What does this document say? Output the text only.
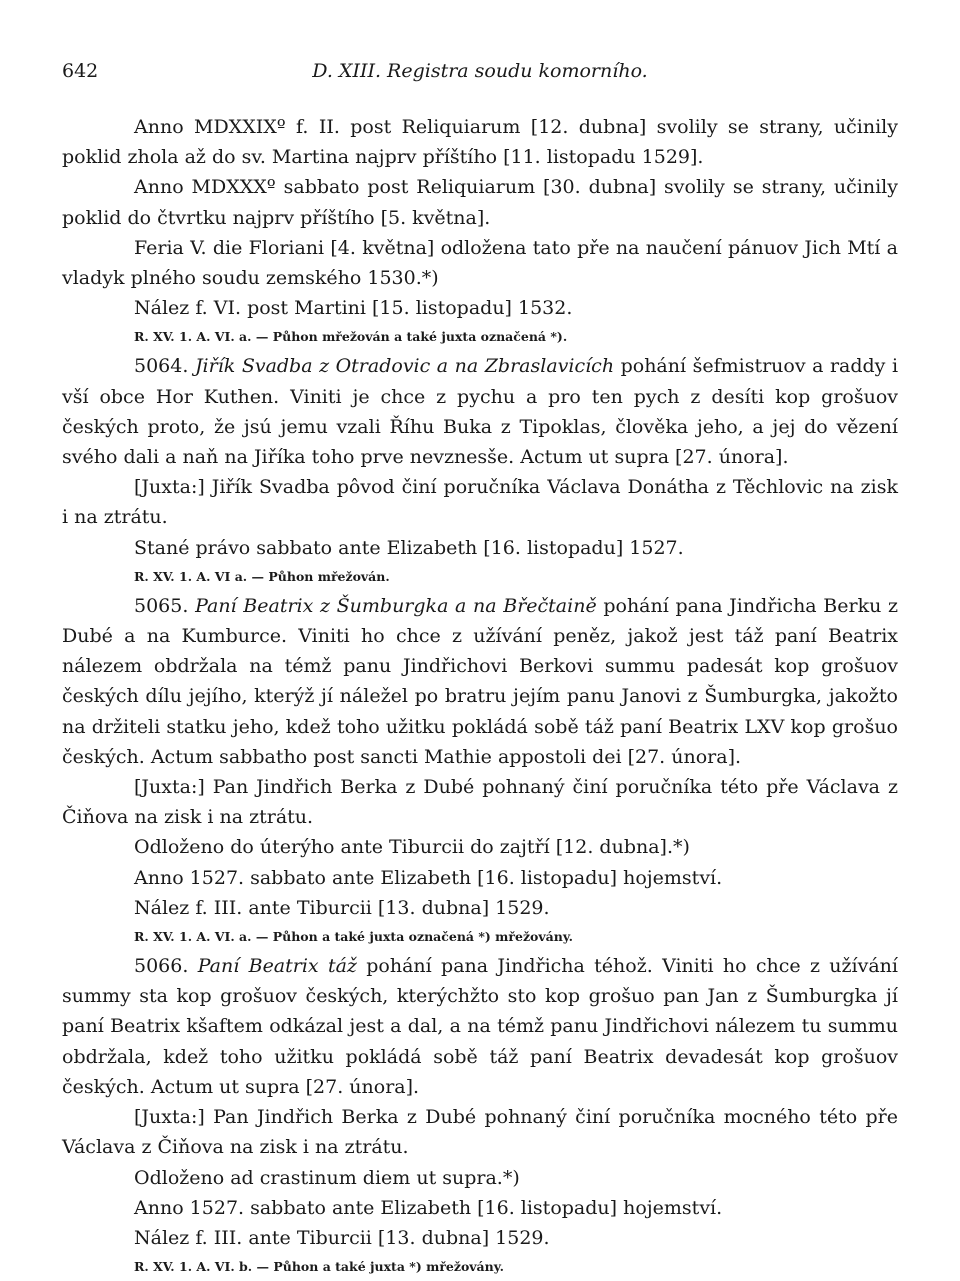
642	D. XIII. Registra soudu komorního.

Anno MDXXIXº f. II. post Reliquiarum [12. dubna] svolily se strany, učinily poklid zhola až do sv. Martina najprv příštího [11. listopadu 1529].

Anno MDXXXº sabbato post Reliquiarum [30. dubna] svolily se strany, učinily poklid do čtvrtku najprv příštího [5. května].

Feria V. die Floriani [4. května] odložena tato pře na naučení pánuov Jich Mtí a vladyk plného soudu zemského 1530.*)

Nález f. VI. post Martini [15. listopadu] 1532.

R. XV. 1. A. VI. a. — Půhon mřežován a také juxta označená *).

5064. Jiřík Svadba z Otradovic a na Zbraslavicích pohání šefmistruov a raddy i vší obce Hor Kuthen. Viniti je chce z pychu a pro ten pych z desíti kop grošuov českých proto, že jsú jemu vzali Říhu Buka z Tipoklas, člověka jeho, a jej do vězení svého dali a naň na Jiříka toho prve nevznesše. Actum ut supra [27. února].

[Juxta:] Jiřík Svadba pôvod činí poručníka Václava Donátha z Těchlovic na zisk i na ztrátu.

Stané právo sabbato ante Elizabeth [16. listopadu] 1527.

R. XV. 1. A. VI a. — Půhon mřežován.

5065. Paní Beatrix z Šumburgka a na Břečtaině pohání pana Jindřicha Berku z Dubé a na Kumburce. Viniti ho chce z užívání peněz, jakož jest táž paní Beatrix nálezem obdržala na témž panu Jindřichovi Berkovi summu padesát kop grošuov českých dílu jejího, kterýž jí náležel po bratru jejím panu Janovi z Šumburgka, jakožto na držiteli statku jeho, kdež toho užitku pokládá sobě táž paní Beatrix LXV kop grošuo českých. Actum sabbatho post sancti Mathie appostoli dei [27. února].

[Juxta:] Pan Jindřich Berka z Dubé pohnaný činí poručníka této pře Václava z Čiňova na zisk i na ztrátu.

Odloženo do úterýho ante Tiburcii do zajtří [12. dubna].*)

Anno 1527. sabbato ante Elizabeth [16. listopadu] hojemství.

Nález f. III. ante Tiburcii [13. dubna] 1529.

R. XV. 1. A. VI. a. — Půhon a také juxta označená *) mřežovány.

5066. Paní Beatrix táž pohání pana Jindřicha téhož. Viniti ho chce z užívání summy sta kop grošuov českých, kterýchžto sto kop grošuo pan Jan z Šumburgka jí paní Beatrix kšaftem odkázal jest a dal, a na témž panu Jindřichovi nálezem tu summu obdržala, kdež toho užitku pokládá sobě táž paní Beatrix devadesát kop grošuov českých. Actum ut supra [27. února].

[Juxta:] Pan Jindřich Berka z Dubé pohnaný činí poručníka mocného této pře Václava z Čiňova na zisk i na ztrátu.

Odloženo ad crastinum diem ut supra.*)

Anno 1527. sabbato ante Elizabeth [16. listopadu] hojemství.

Nález f. III. ante Tiburcii [13. dubna] 1529.

R. XV. 1. A. VI. b. — Půhon a také juxta *) mřežovány.
